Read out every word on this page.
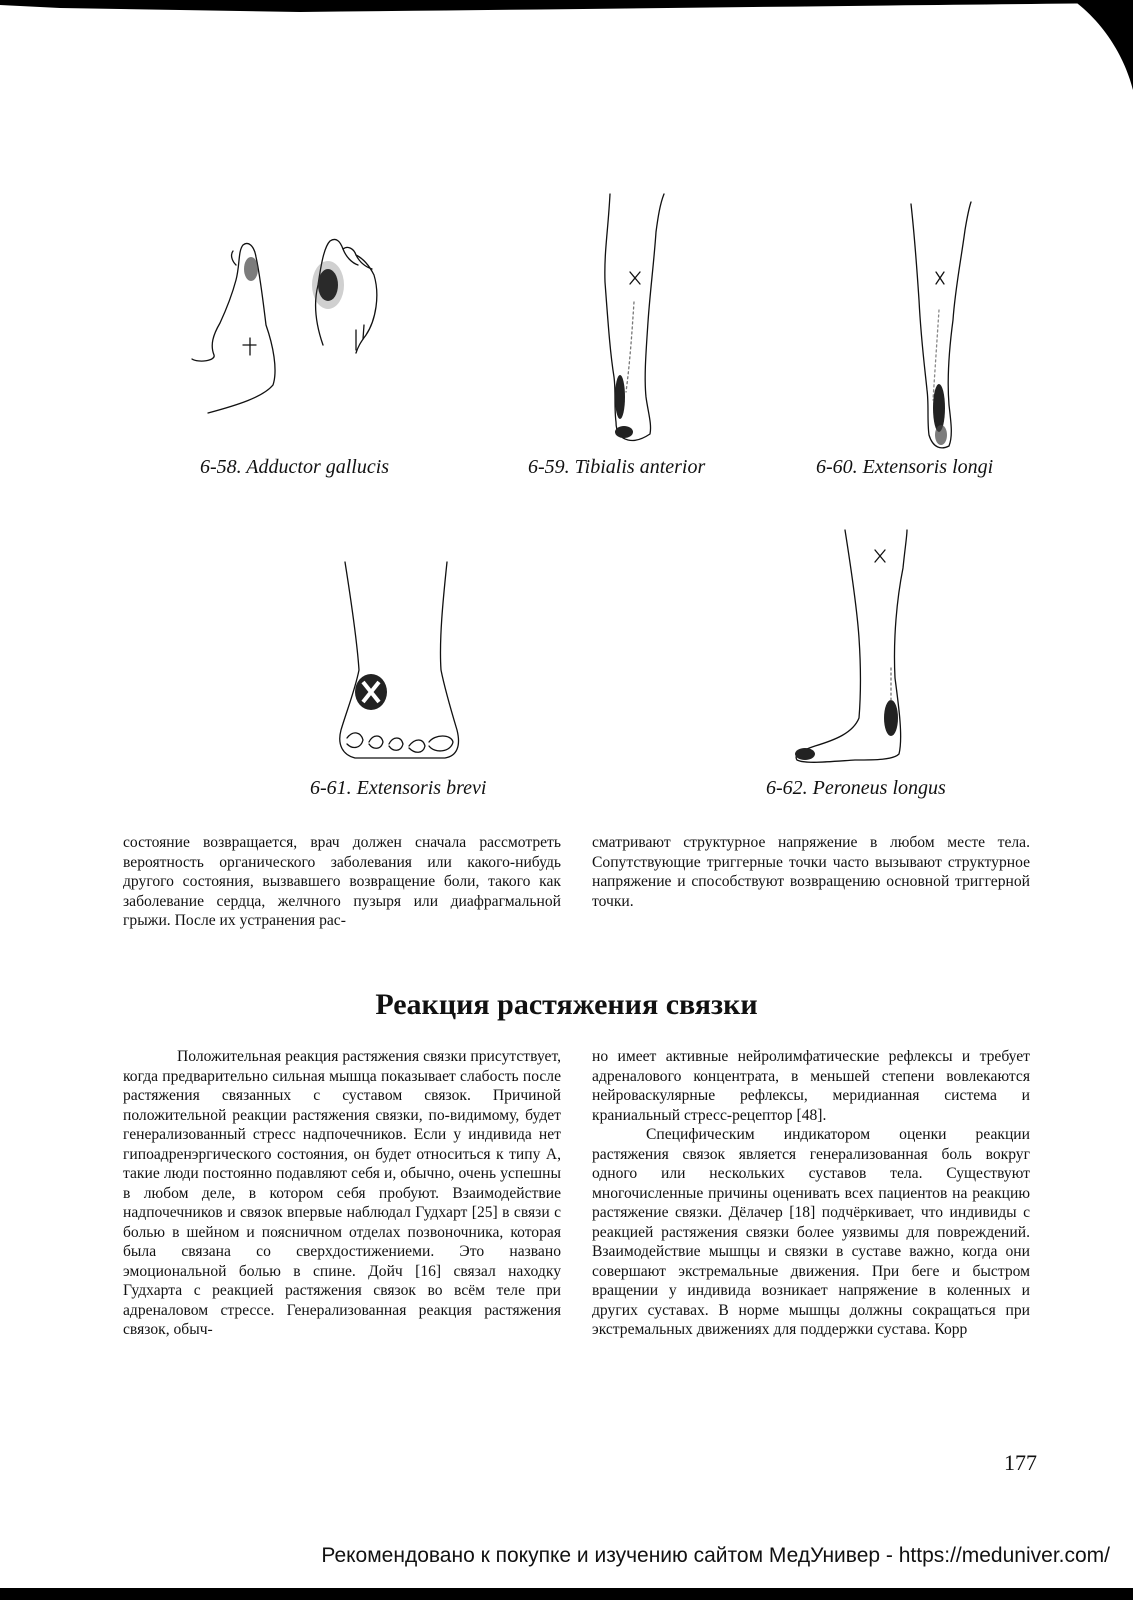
6-58. Adductor gallucis	6-59. Tibialis anterior	6-60. Extensoris longi
6-61. Extensoris brevi	6-62. Peroneus longus

состояние возвращается, врач должен сначала рассмотреть вероятность органического заболевания или какого-нибудь другого состояния, вызвавшего возвращение боли, такого как заболевание сердца, желчного пузыря или диафрагмальной грыжи. После их устранения рас-

сматривают структурное напряжение в любом месте тела. Сопутствующие триггерные точки часто вызывают структурное напряжение и способствуют возвращению основной триггерной точки.

Реакция растяжения связки

Положительная реакция растяжения связки присутствует, когда предварительно сильная мышца показывает слабость после растяжения связанных с суставом связок. Причиной положительной реакции растяжения связки, по-видимому, будет генерализованный стресс надпочечников. Если у индивида нет гипоадренэргического состояния, он будет относиться к типу А, такие люди постоянно подавляют себя и, обычно, очень успешны в любом деле, в котором себя пробуют. Взаимодействие надпочечников и связок впервые наблюдал Гудхарт [25] в связи с болью в шейном и поясничном отделах позвоночника, которая была связана со сверхдостижениеми. Это названо эмоциональной болью в спине. Дойч [16] связал находку Гудхарта с реакцией растяжения связок во всём теле при адреналовом стрессе. Генерализованная реакция растяжения связок, обыч-

но имеет активные нейролимфатические рефлексы и требует адреналового концентрата, в меньшей степени вовлекаются нейроваскулярные рефлексы, меридианная система и краниальный стресс-рецептор [48].

Специфическим индикатором оценки реакции растяжения связок является генерализованная боль вокруг одного или нескольких суставов тела. Существуют многочисленные причины оценивать всех пациентов на реакцию растяжение связки. Дёлачер [18] подчёркивает, что индивиды с реакцией растяжения связки более уязвимы для повреждений. Взаимодействие мышцы и связки в суставе важно, когда они совершают экстремальные движения. При беге и быстром вращении у индивида возникает напряжение в коленных и других суставах. В норме мышцы должны сокращаться при экстремальных движениях для поддержки сустава. Корр

177
Рекомендовано к покупке и изучению сайтом МедУнивер - https://meduniver.com/
